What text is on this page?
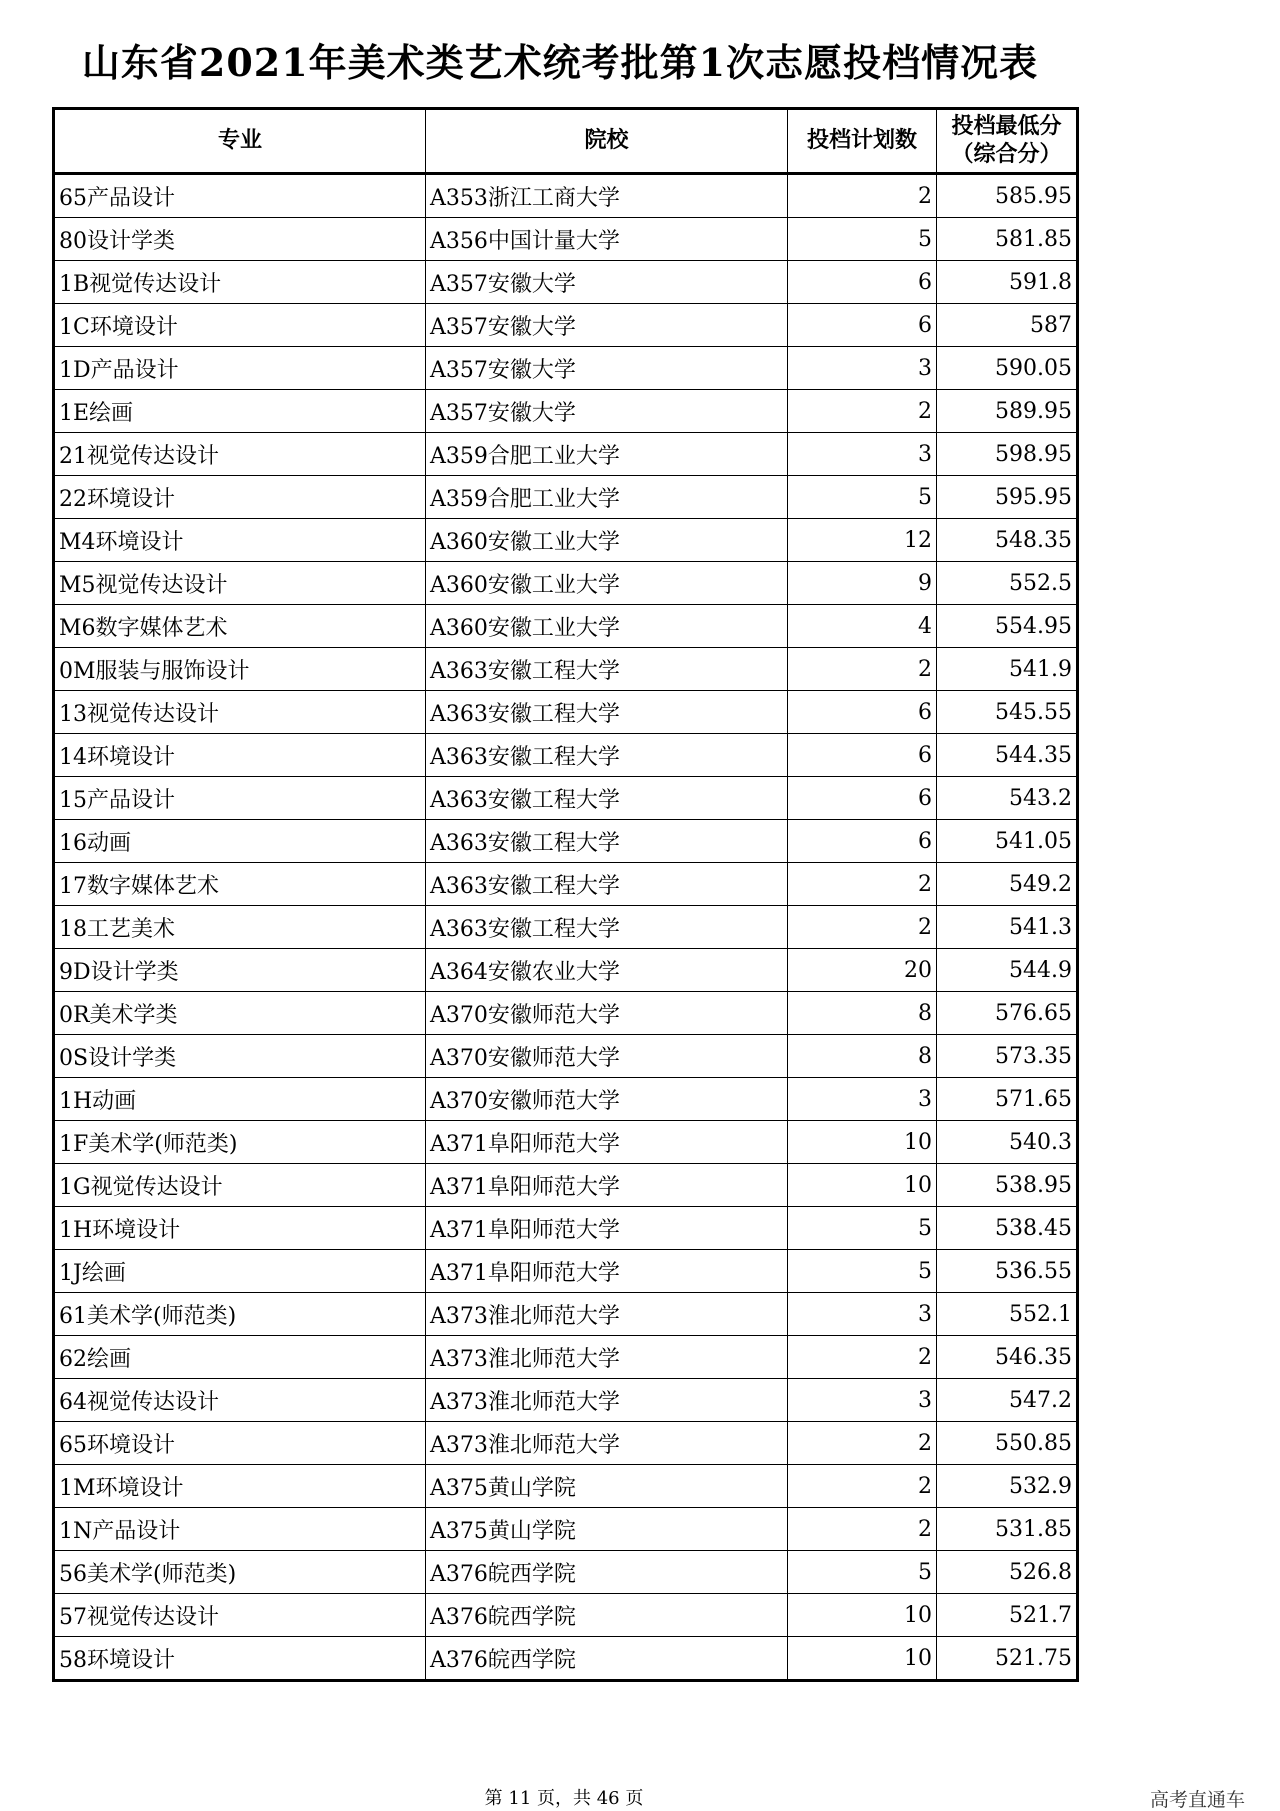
山东省2021年美术类艺术统考批第1次志愿投档情况表
专业	院校	投档计划数	投档最低分
（综合分）

65产品设计	A353浙江工商大学	2	585.95
80设计学类	A356中国计量大学	5	581.85
1B视觉传达设计	A357安徽大学	6	591.8
1C环境设计	A357安徽大学	6	587
1D产品设计	A357安徽大学	3	590.05
1E绘画	A357安徽大学	2	589.95
21视觉传达设计	A359合肥工业大学	3	598.95
22环境设计	A359合肥工业大学	5	595.95
M4环境设计	A360安徽工业大学	12	548.35
M5视觉传达设计	A360安徽工业大学	9	552.5
M6数字媒体艺术	A360安徽工业大学	4	554.95
0M服装与服饰设计	A363安徽工程大学	2	541.9
13视觉传达设计	A363安徽工程大学	6	545.55
14环境设计	A363安徽工程大学	6	544.35
15产品设计	A363安徽工程大学	6	543.2
16动画	A363安徽工程大学	6	541.05
17数字媒体艺术	A363安徽工程大学	2	549.2
18工艺美术	A363安徽工程大学	2	541.3
9D设计学类	A364安徽农业大学	20	544.9
0R美术学类	A370安徽师范大学	8	576.65
0S设计学类	A370安徽师范大学	8	573.35
1H动画	A370安徽师范大学	3	571.65
1F美术学(师范类)	A371阜阳师范大学	10	540.3
1G视觉传达设计	A371阜阳师范大学	10	538.95
1H环境设计	A371阜阳师范大学	5	538.45
1J绘画	A371阜阳师范大学	5	536.55
61美术学(师范类)	A373淮北师范大学	3	552.1
62绘画	A373淮北师范大学	2	546.35
64视觉传达设计	A373淮北师范大学	3	547.2
65环境设计	A373淮北师范大学	2	550.85
1M环境设计	A375黄山学院	2	532.9
1N产品设计	A375黄山学院	2	531.85
56美术学(师范类)	A376皖西学院	5	526.8
57视觉传达设计	A376皖西学院	10	521.7
58环境设计	A376皖西学院	10	521.75
第 11 页，共 46 页	高考直通车
